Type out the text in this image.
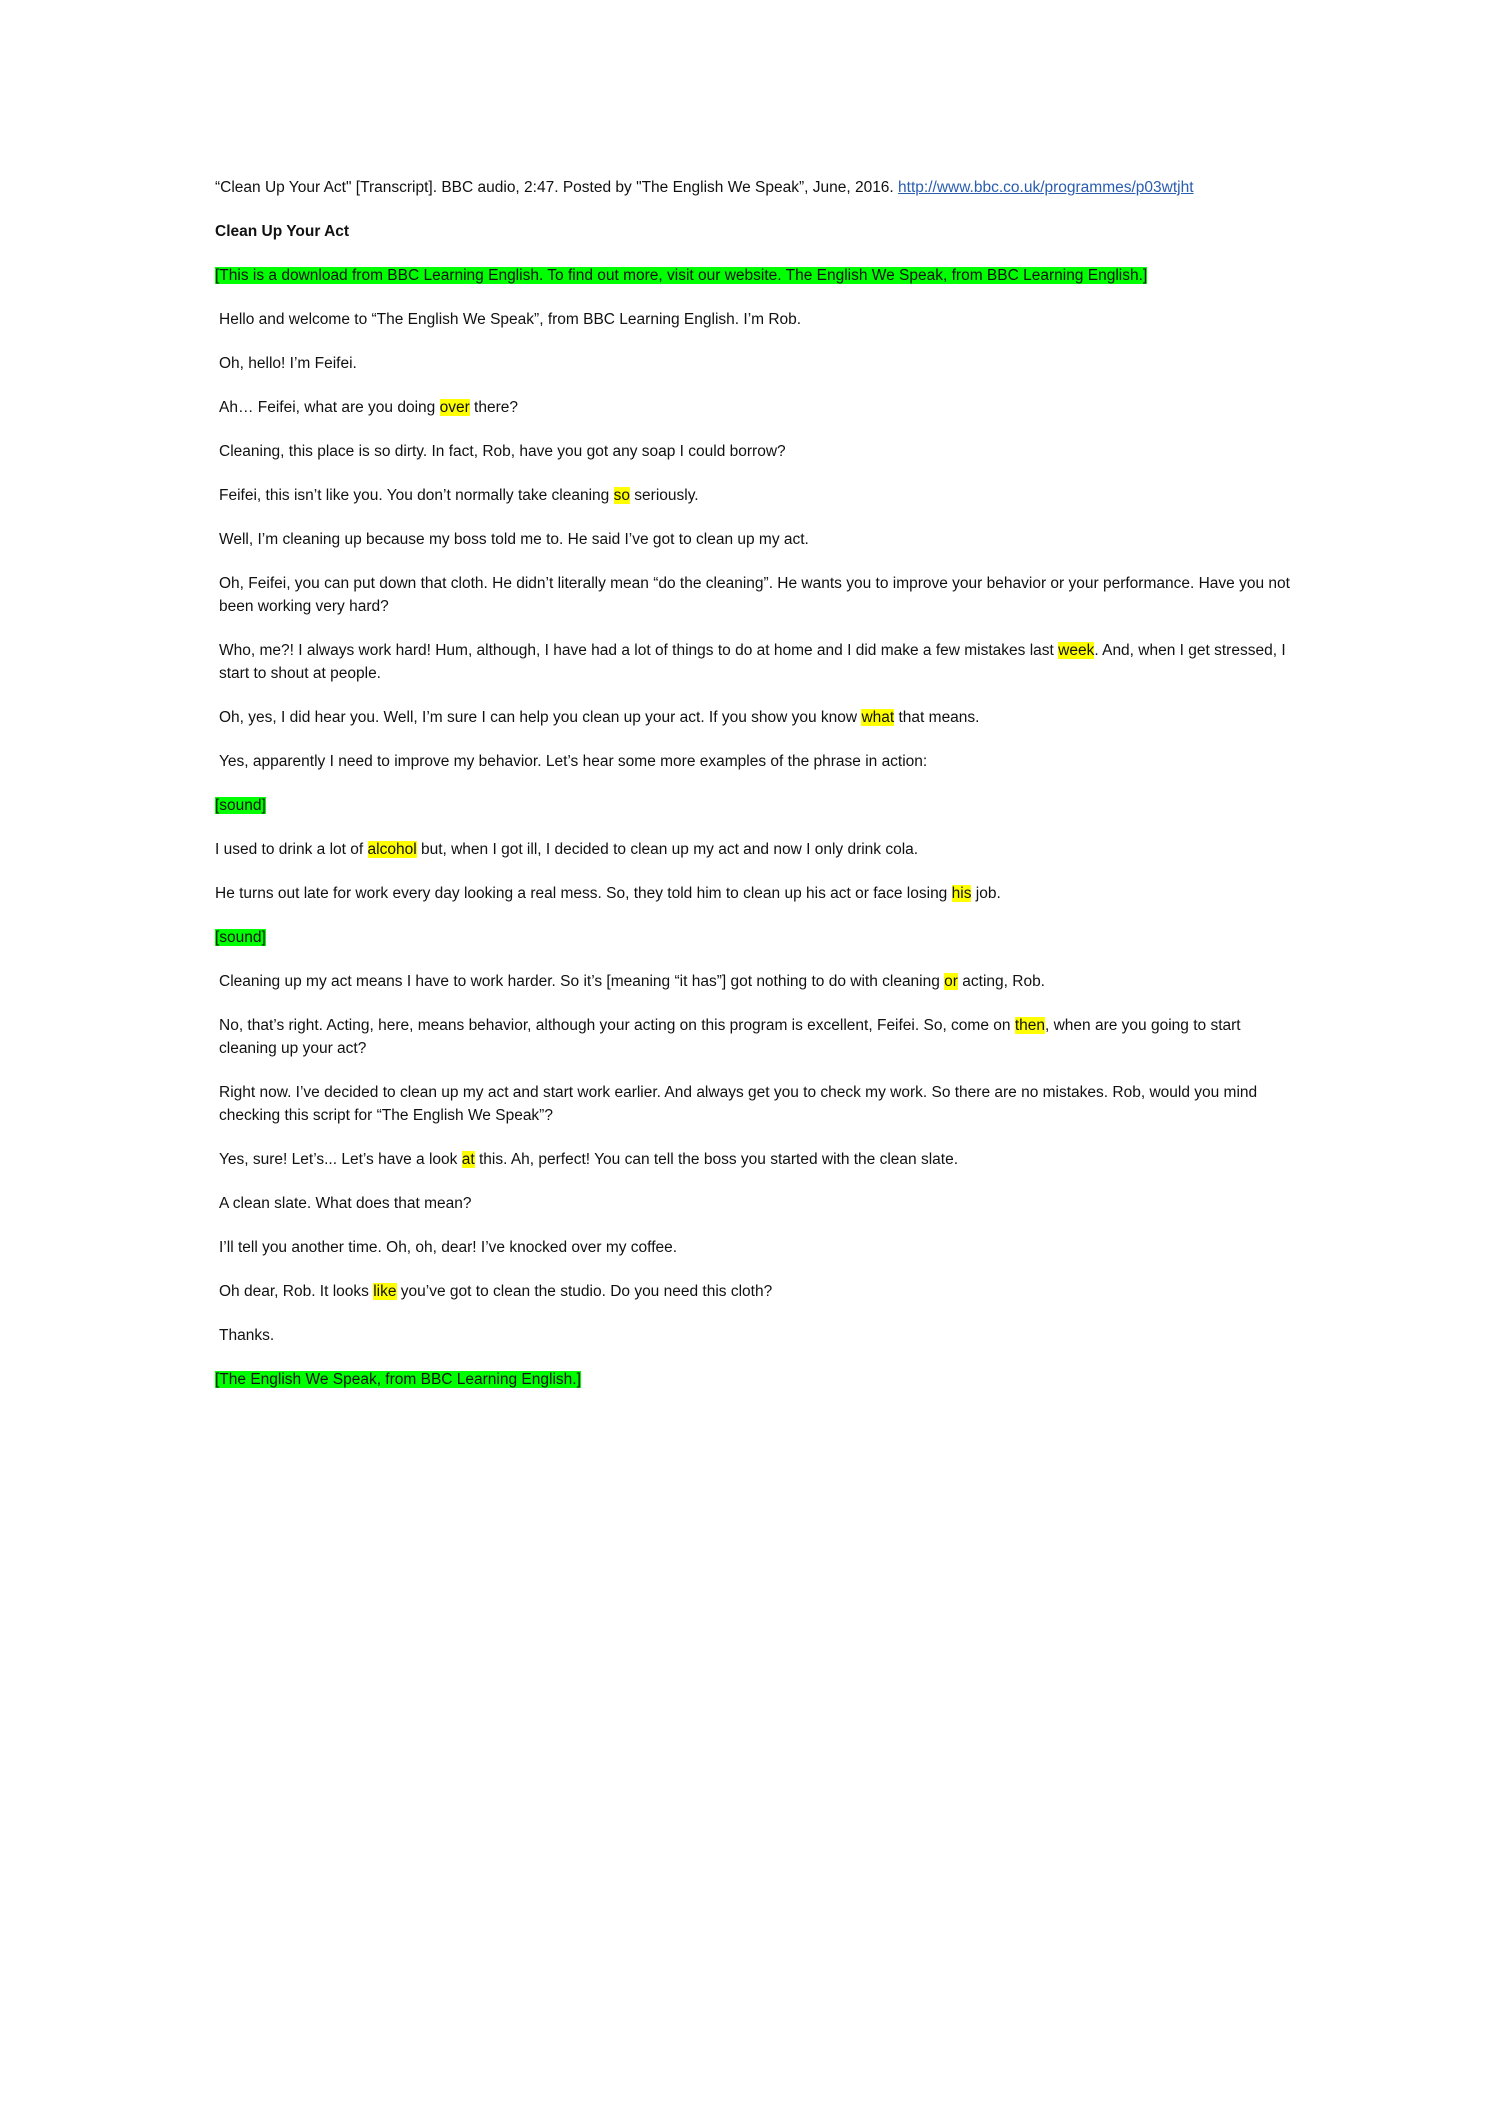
“Clean Up Your Act" [Transcript]. BBC audio, 2:47. Posted by "The English We Speak”, June, 2016. http://www.bbc.co.uk/programmes/p03wtjht

Clean Up Your Act

[This is a download from BBC Learning English. To find out more, visit our website. The English We Speak, from BBC Learning English.]

Hello and welcome to “The English We Speak”, from BBC Learning English. I’m Rob.

Oh, hello! I’m Feifei.

Ah… Feifei, what are you doing over there?

Cleaning, this place is so dirty. In fact, Rob, have you got any soap I could borrow?

Feifei, this isn’t like you. You don’t normally take cleaning so seriously.

Well, I’m cleaning up because my boss told me to. He said I’ve got to clean up my act.

Oh, Feifei, you can put down that cloth. He didn’t literally mean “do the cleaning”. He wants you to improve your behavior or your performance. Have you not been working very hard?

Who, me?! I always work hard! Hum, although, I have had a lot of things to do at home and I did make a few mistakes last week. And, when I get stressed, I start to shout at people.

Oh, yes, I did hear you. Well, I’m sure I can help you clean up your act. If you show you know what that means.

Yes, apparently I need to improve my behavior. Let’s hear some more examples of the phrase in action:

[sound]

I used to drink a lot of alcohol but, when I got ill, I decided to clean up my act and now I only drink cola.

He turns out late for work every day looking a real mess. So, they told him to clean up his act or face losing his job.

[sound]

Cleaning up my act means I have to work harder. So it’s [meaning “it has”] got nothing to do with cleaning or acting, Rob.

No, that’s right. Acting, here, means behavior, although your acting on this program is excellent, Feifei. So, come on then, when are you going to start cleaning up your act?

Right now. I’ve decided to clean up my act and start work earlier. And always get you to check my work. So there are no mistakes. Rob, would you mind checking this script for “The English We Speak”?

Yes, sure! Let’s... Let’s have a look at this. Ah, perfect! You can tell the boss you started with the clean slate.

A clean slate. What does that mean?

I’ll tell you another time. Oh, oh, dear! I’ve knocked over my coffee.

Oh dear, Rob. It looks like you’ve got to clean the studio. Do you need this cloth?

Thanks.

[The English We Speak, from BBC Learning English.]
